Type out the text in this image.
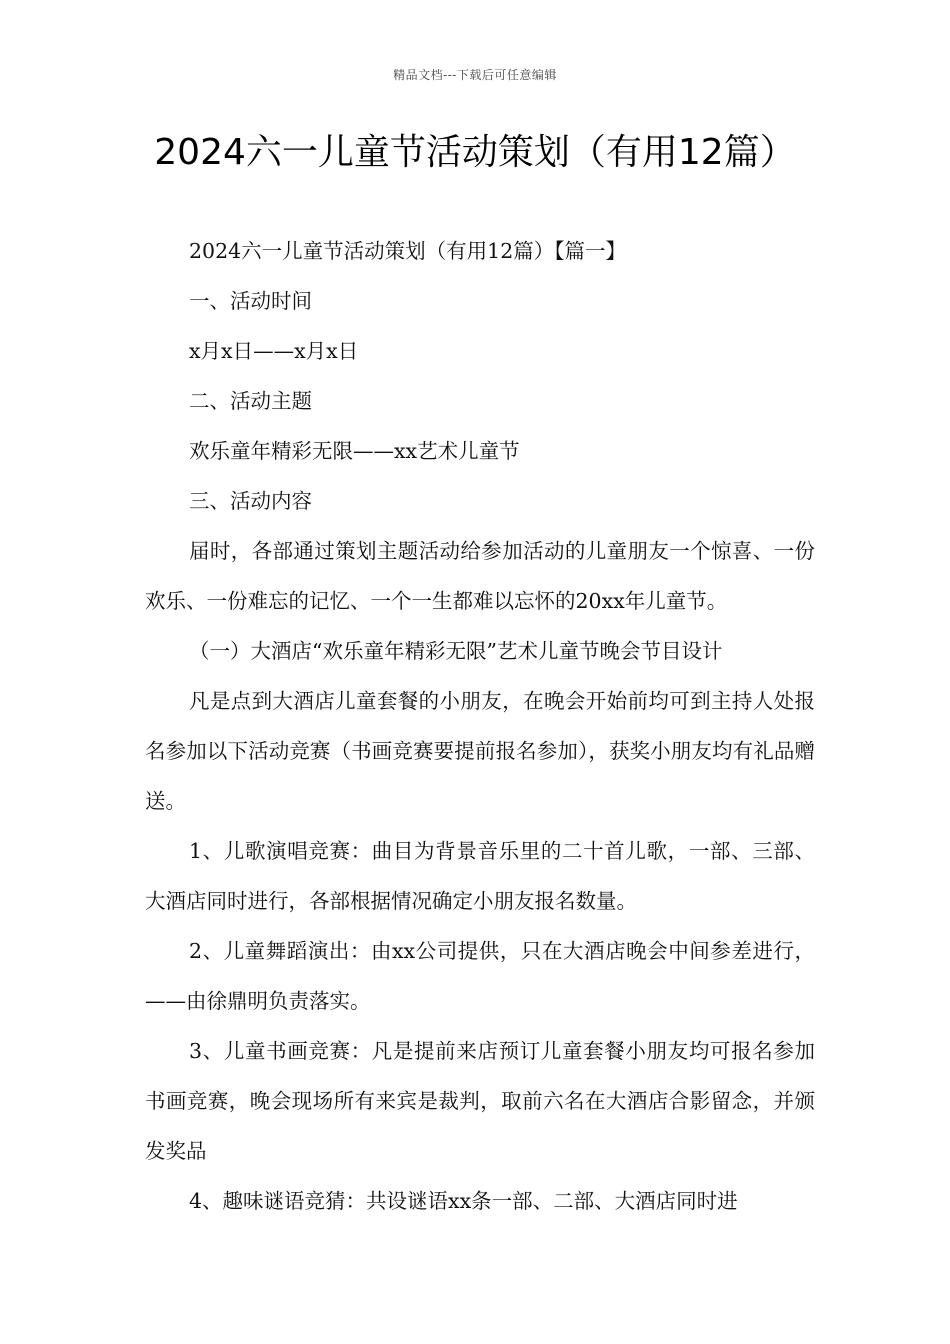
精品文档---下载后可任意编辑
2024六一儿童节活动策划（有用12篇）

2024六一儿童节活动策划（有用12篇）【篇一】

一、活动时间

x月x日——x月x日

二、活动主题

欢乐童年精彩无限——xx艺术儿童节

三、活动内容

届时，各部通过策划主题活动给参加活动的儿童朋友一个惊喜、一份欢乐、一份难忘的记忆、一个一生都难以忘怀的20xx年儿童节。

（一）大酒店“欢乐童年精彩无限”艺术儿童节晚会节目设计

凡是点到大酒店儿童套餐的小朋友，在晚会开始前均可到主持人处报名参加以下活动竞赛（书画竞赛要提前报名参加），获奖小朋友均有礼品赠送。

1、儿歌演唱竞赛：曲目为背景音乐里的二十首儿歌，一部、三部、大酒店同时进行，各部根据情况确定小朋友报名数量。

2、儿童舞蹈演出：由xx公司提供，只在大酒店晚会中间参差进行，——由徐鼎明负责落实。

3、儿童书画竞赛：凡是提前来店预订儿童套餐小朋友均可报名参加书画竞赛，晚会现场所有来宾是裁判，取前六名在大酒店合影留念，并颁发奖品

4、趣味谜语竞猜：共设谜语xx条一部、二部、大酒店同时进
